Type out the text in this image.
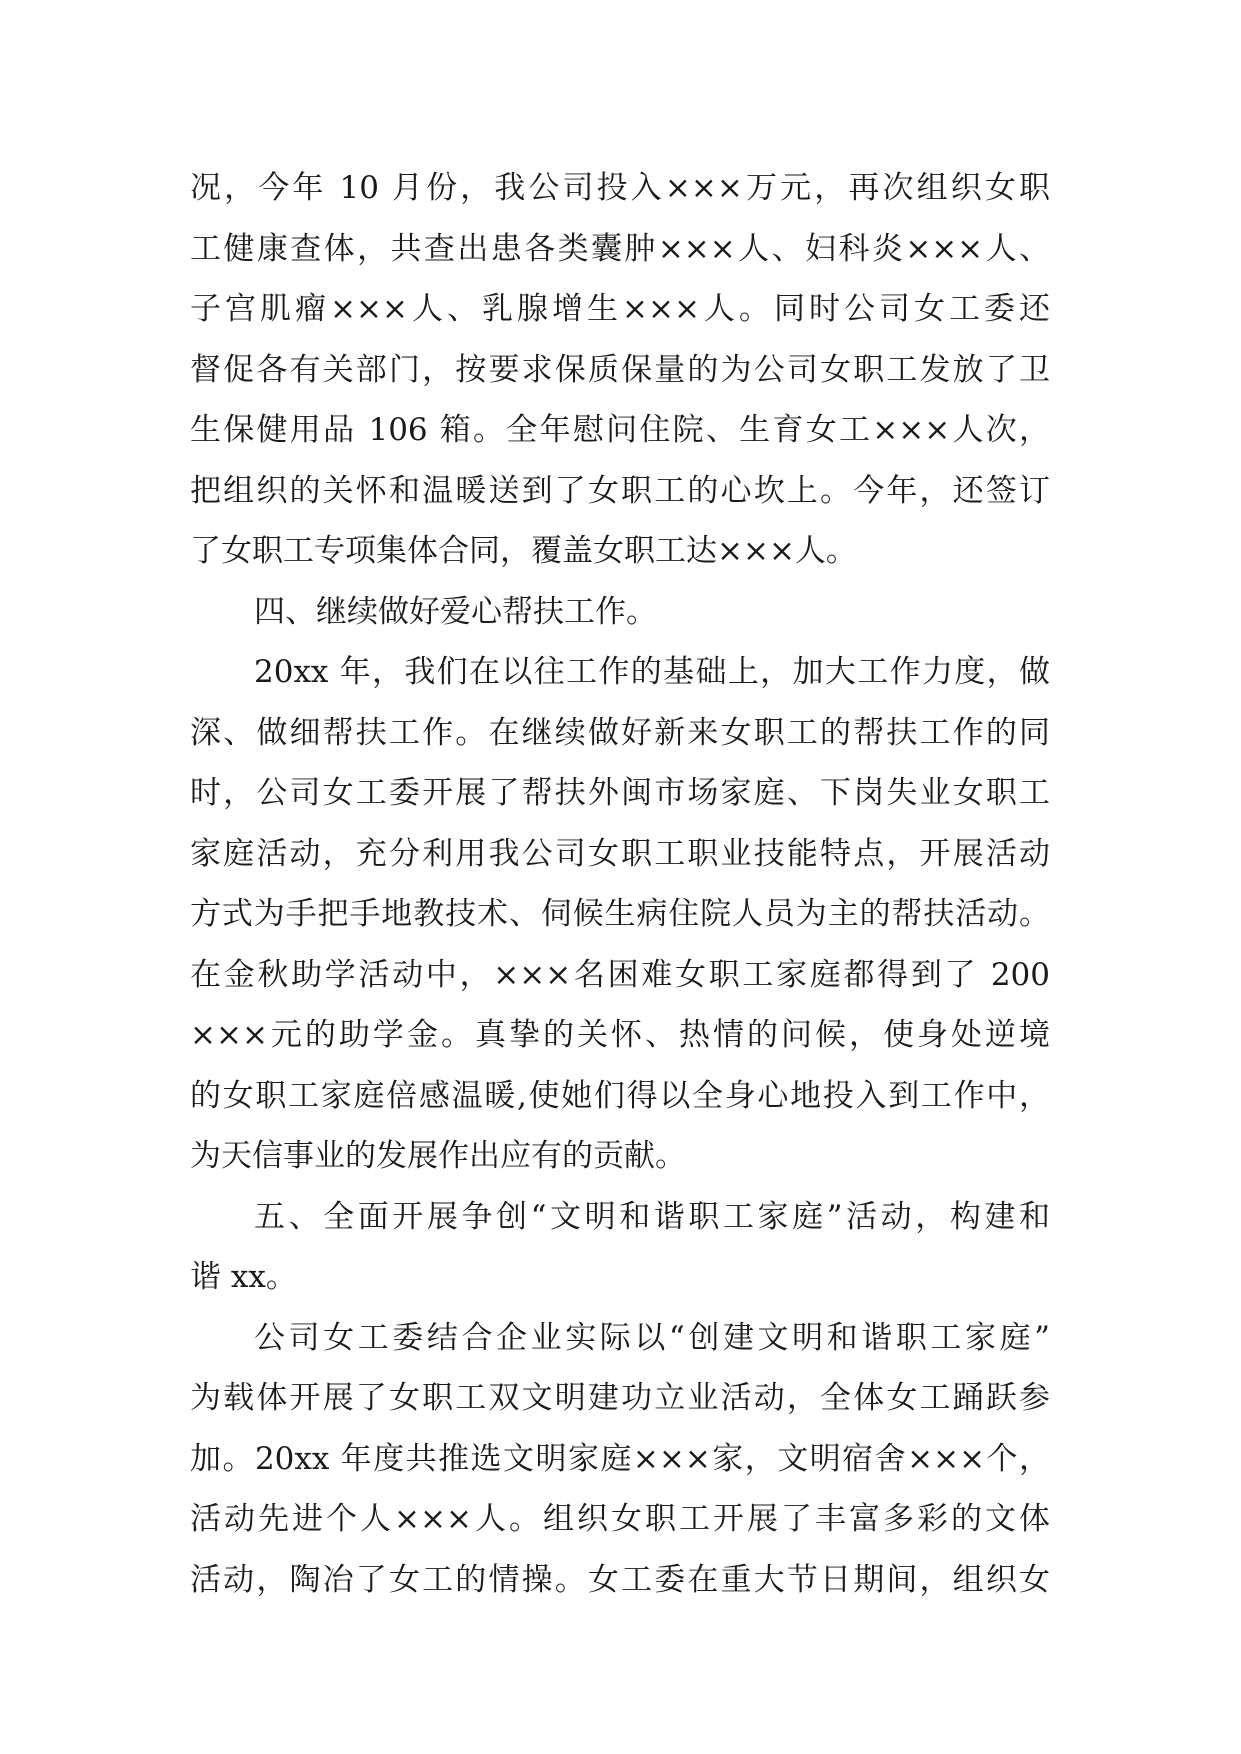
况，今年 10 月份，我公司投入×××万元，再次组织女职
工健康查体，共查出患各类囊肿×××人、妇科炎×××人、
子宫肌瘤×××人、乳腺增生×××人。同时公司女工委还
督促各有关部门，按要求保质保量的为公司女职工发放了卫
生保健用品 106 箱。全年慰问住院、生育女工×××人次，
把组织的关怀和温暖送到了女职工的心坎上。今年，还签订
了女职工专项集体合同，覆盖女职工达×××人。
四、继续做好爱心帮扶工作。
20xx 年，我们在以往工作的基础上，加大工作力度，做
深、做细帮扶工作。在继续做好新来女职工的帮扶工作的同
时，公司女工委开展了帮扶外闽市场家庭、下岗失业女职工
家庭活动，充分利用我公司女职工职业技能特点，开展活动
方式为手把手地教技术、伺候生病住院人员为主的帮扶活动。
在金秋助学活动中，×××名困难女职工家庭都得到了 200
×××元的助学金。真挚的关怀、热情的问候，使身处逆境
的女职工家庭倍感温暖,使她们得以全身心地投入到工作中，
为天信事业的发展作出应有的贡献。
五、全面开展争创“文明和谐职工家庭”活动，构建和
谐 xx。
公司女工委结合企业实际以“创建文明和谐职工家庭”
为载体开展了女职工双文明建功立业活动，全体女工踊跃参
加。20xx 年度共推选文明家庭×××家，文明宿舍×××个，
活动先进个人×××人。组织女职工开展了丰富多彩的文体
活动，陶冶了女工的情操。女工委在重大节日期间，组织女
